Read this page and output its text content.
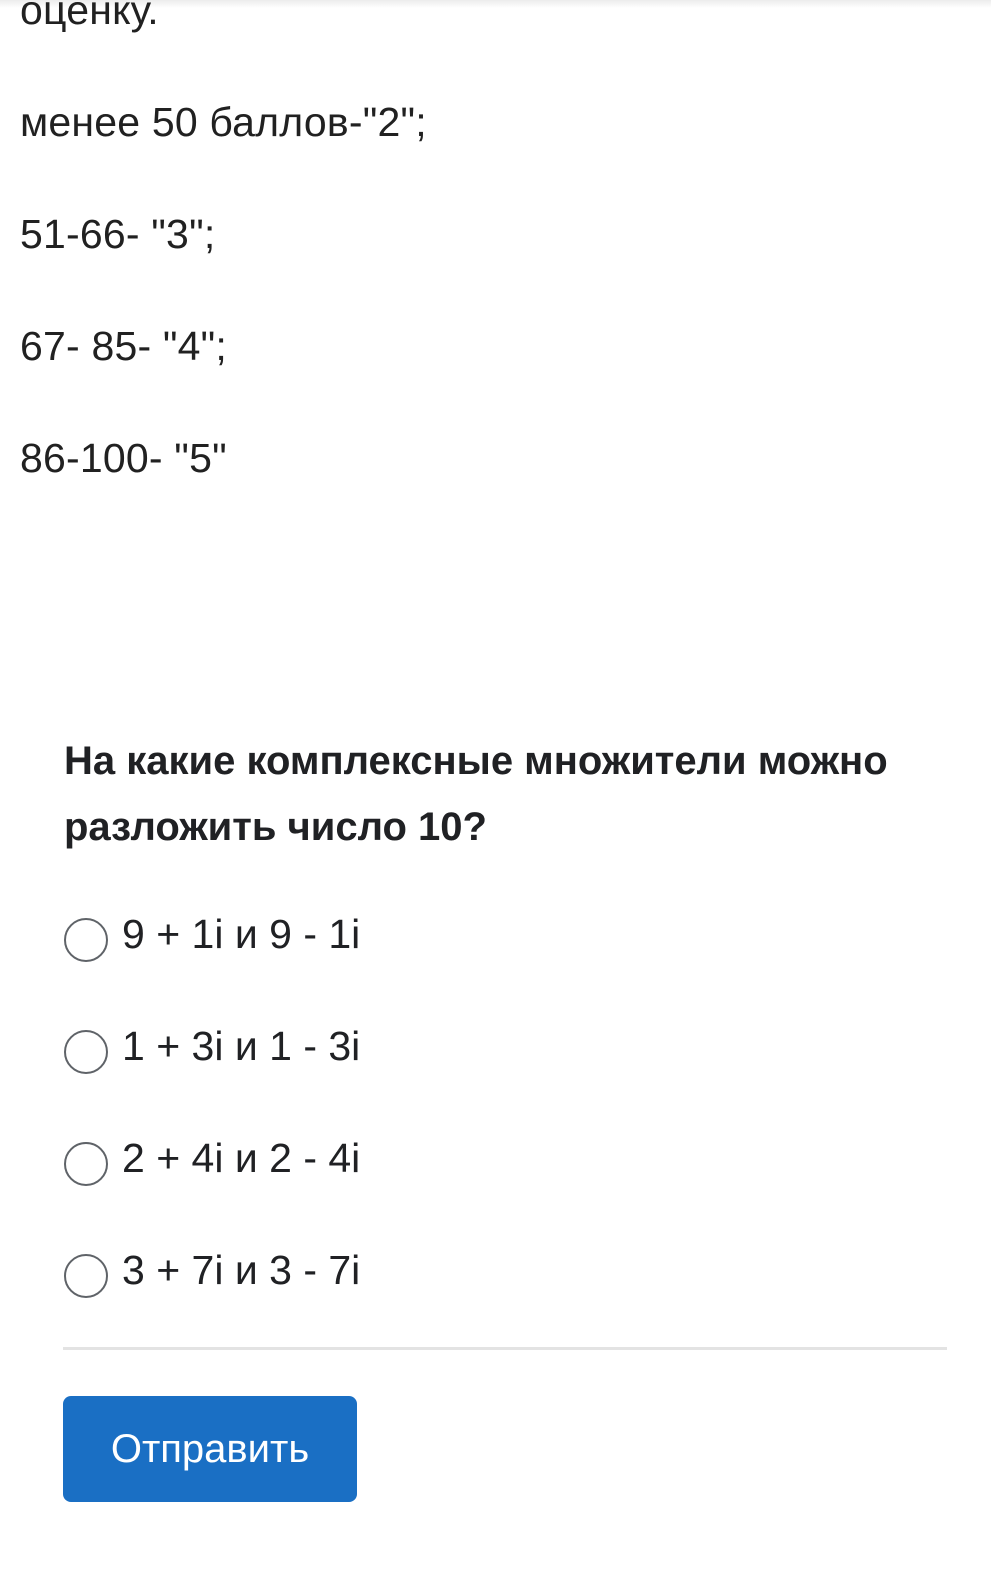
оценку.

менее 50 баллов-"2";

51-66- "3";

67- 85- "4";

86-100- "5"

На какие комплексные множители можно разложить число 10?
9 + 1i и 9 - 1i
1 + 3i и 1 - 3i
2 + 4i и 2 - 4i
3 + 7i и 3 - 7i
Отправить
